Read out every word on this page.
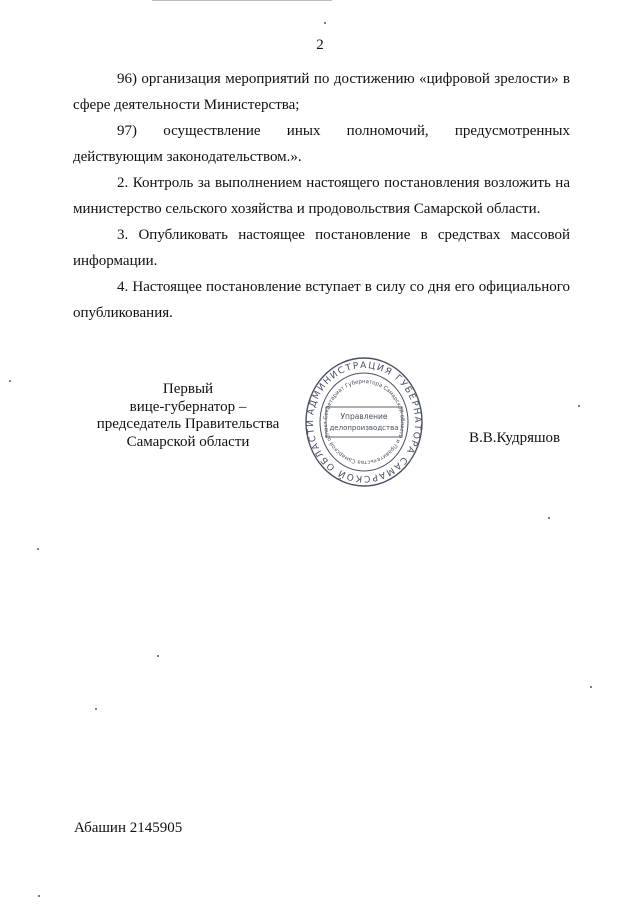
2
96) организация мероприятий по достижению «цифровой зрелости» в сфере деятельности Министерства;
97) осуществление иных полномочий, предусмотренных действующим законодательством.».
2. Контроль за выполнением настоящего постановления возложить на министерство сельского хозяйства и продовольствия Самарской области.
3. Опубликовать настоящее постановление в средствах массовой информации.
4. Настоящее постановление вступает в силу со дня его официального опубликования.
Первый
вице-губернатор –
председатель Правительства
Самарской области
АДМИНИСТРАЦИЯ ГУБЕРНАТОРА САМАРСКОЙ ОБЛАСТИ
Секретариат Губернатора Самарской области и Правительства Самарской област
Управление
делопроизводства
В.В.Кудряшов
Абашин 2145905
